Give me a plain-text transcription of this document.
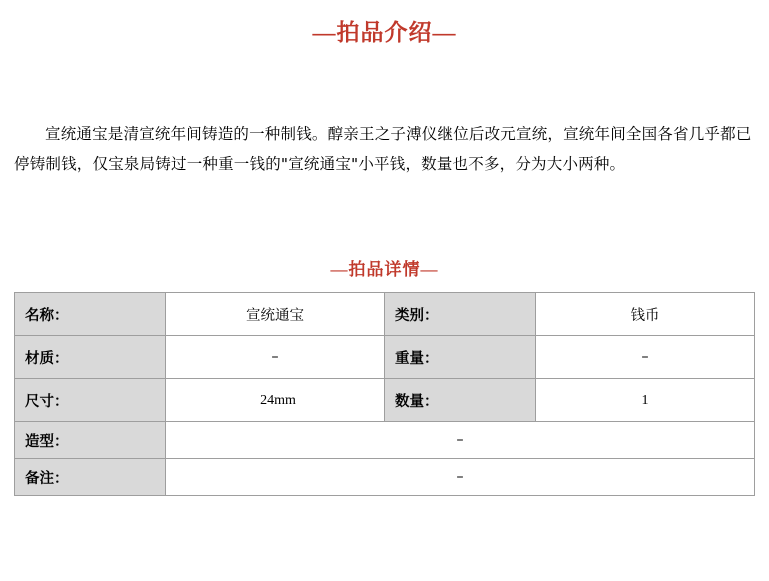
—拍品介绍—

宣统通宝是清宣统年间铸造的一种制钱。醇亲王之子溥仪继位后改元宣统，宣统年间全国各省几乎都已停铸制钱，仅宝泉局铸过一种重一钱的"宣统通宝"小平钱，数量也不多，分为大小两种。

—拍品详情—
名称：	宣统通宝	类别：	钱币
材质：	–	重量：	–
尺寸：	24mm	数量：	1
造型：	–		
备注：	–		
